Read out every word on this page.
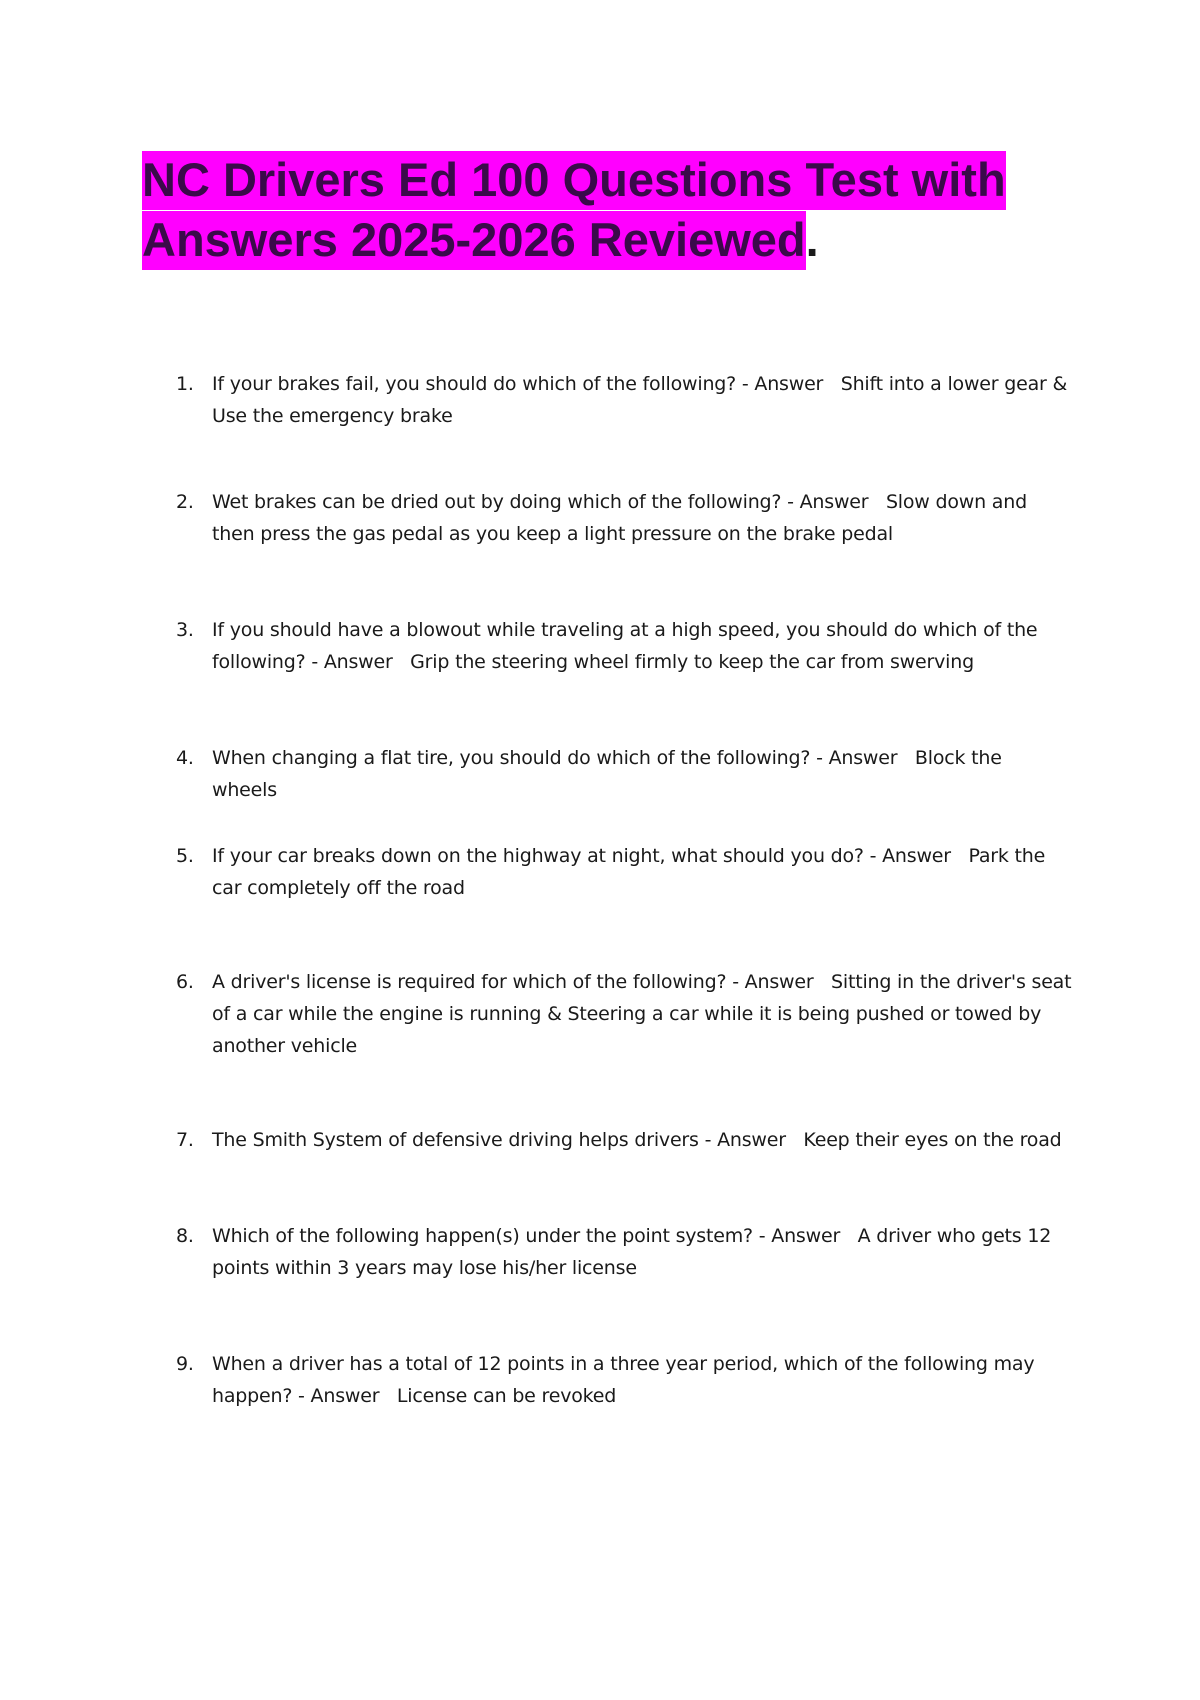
NC Drivers Ed 100 Questions Test with Answers 2025-2026 Reviewed.
1. If your brakes fail, you should do which of the following? - Answer Shift into a lower gear & Use the emergency brake
2. Wet brakes can be dried out by doing which of the following? - Answer Slow down and then press the gas pedal as you keep a light pressure on the brake pedal
3. If you should have a blowout while traveling at a high speed, you should do which of the following? - Answer Grip the steering wheel firmly to keep the car from swerving
4. When changing a flat tire, you should do which of the following? - Answer Block the wheels
5. If your car breaks down on the highway at night, what should you do? - Answer Park the car completely off the road
6. A driver's license is required for which of the following? - Answer Sitting in the driver's seat of a car while the engine is running & Steering a car while it is being pushed or towed by another vehicle
7. The Smith System of defensive driving helps drivers - Answer Keep their eyes on the road
8. Which of the following happen(s) under the point system? - Answer A driver who gets 12 points within 3 years may lose his/her license
9. When a driver has a total of 12 points in a three year period, which of the following may happen? - Answer License can be revoked
